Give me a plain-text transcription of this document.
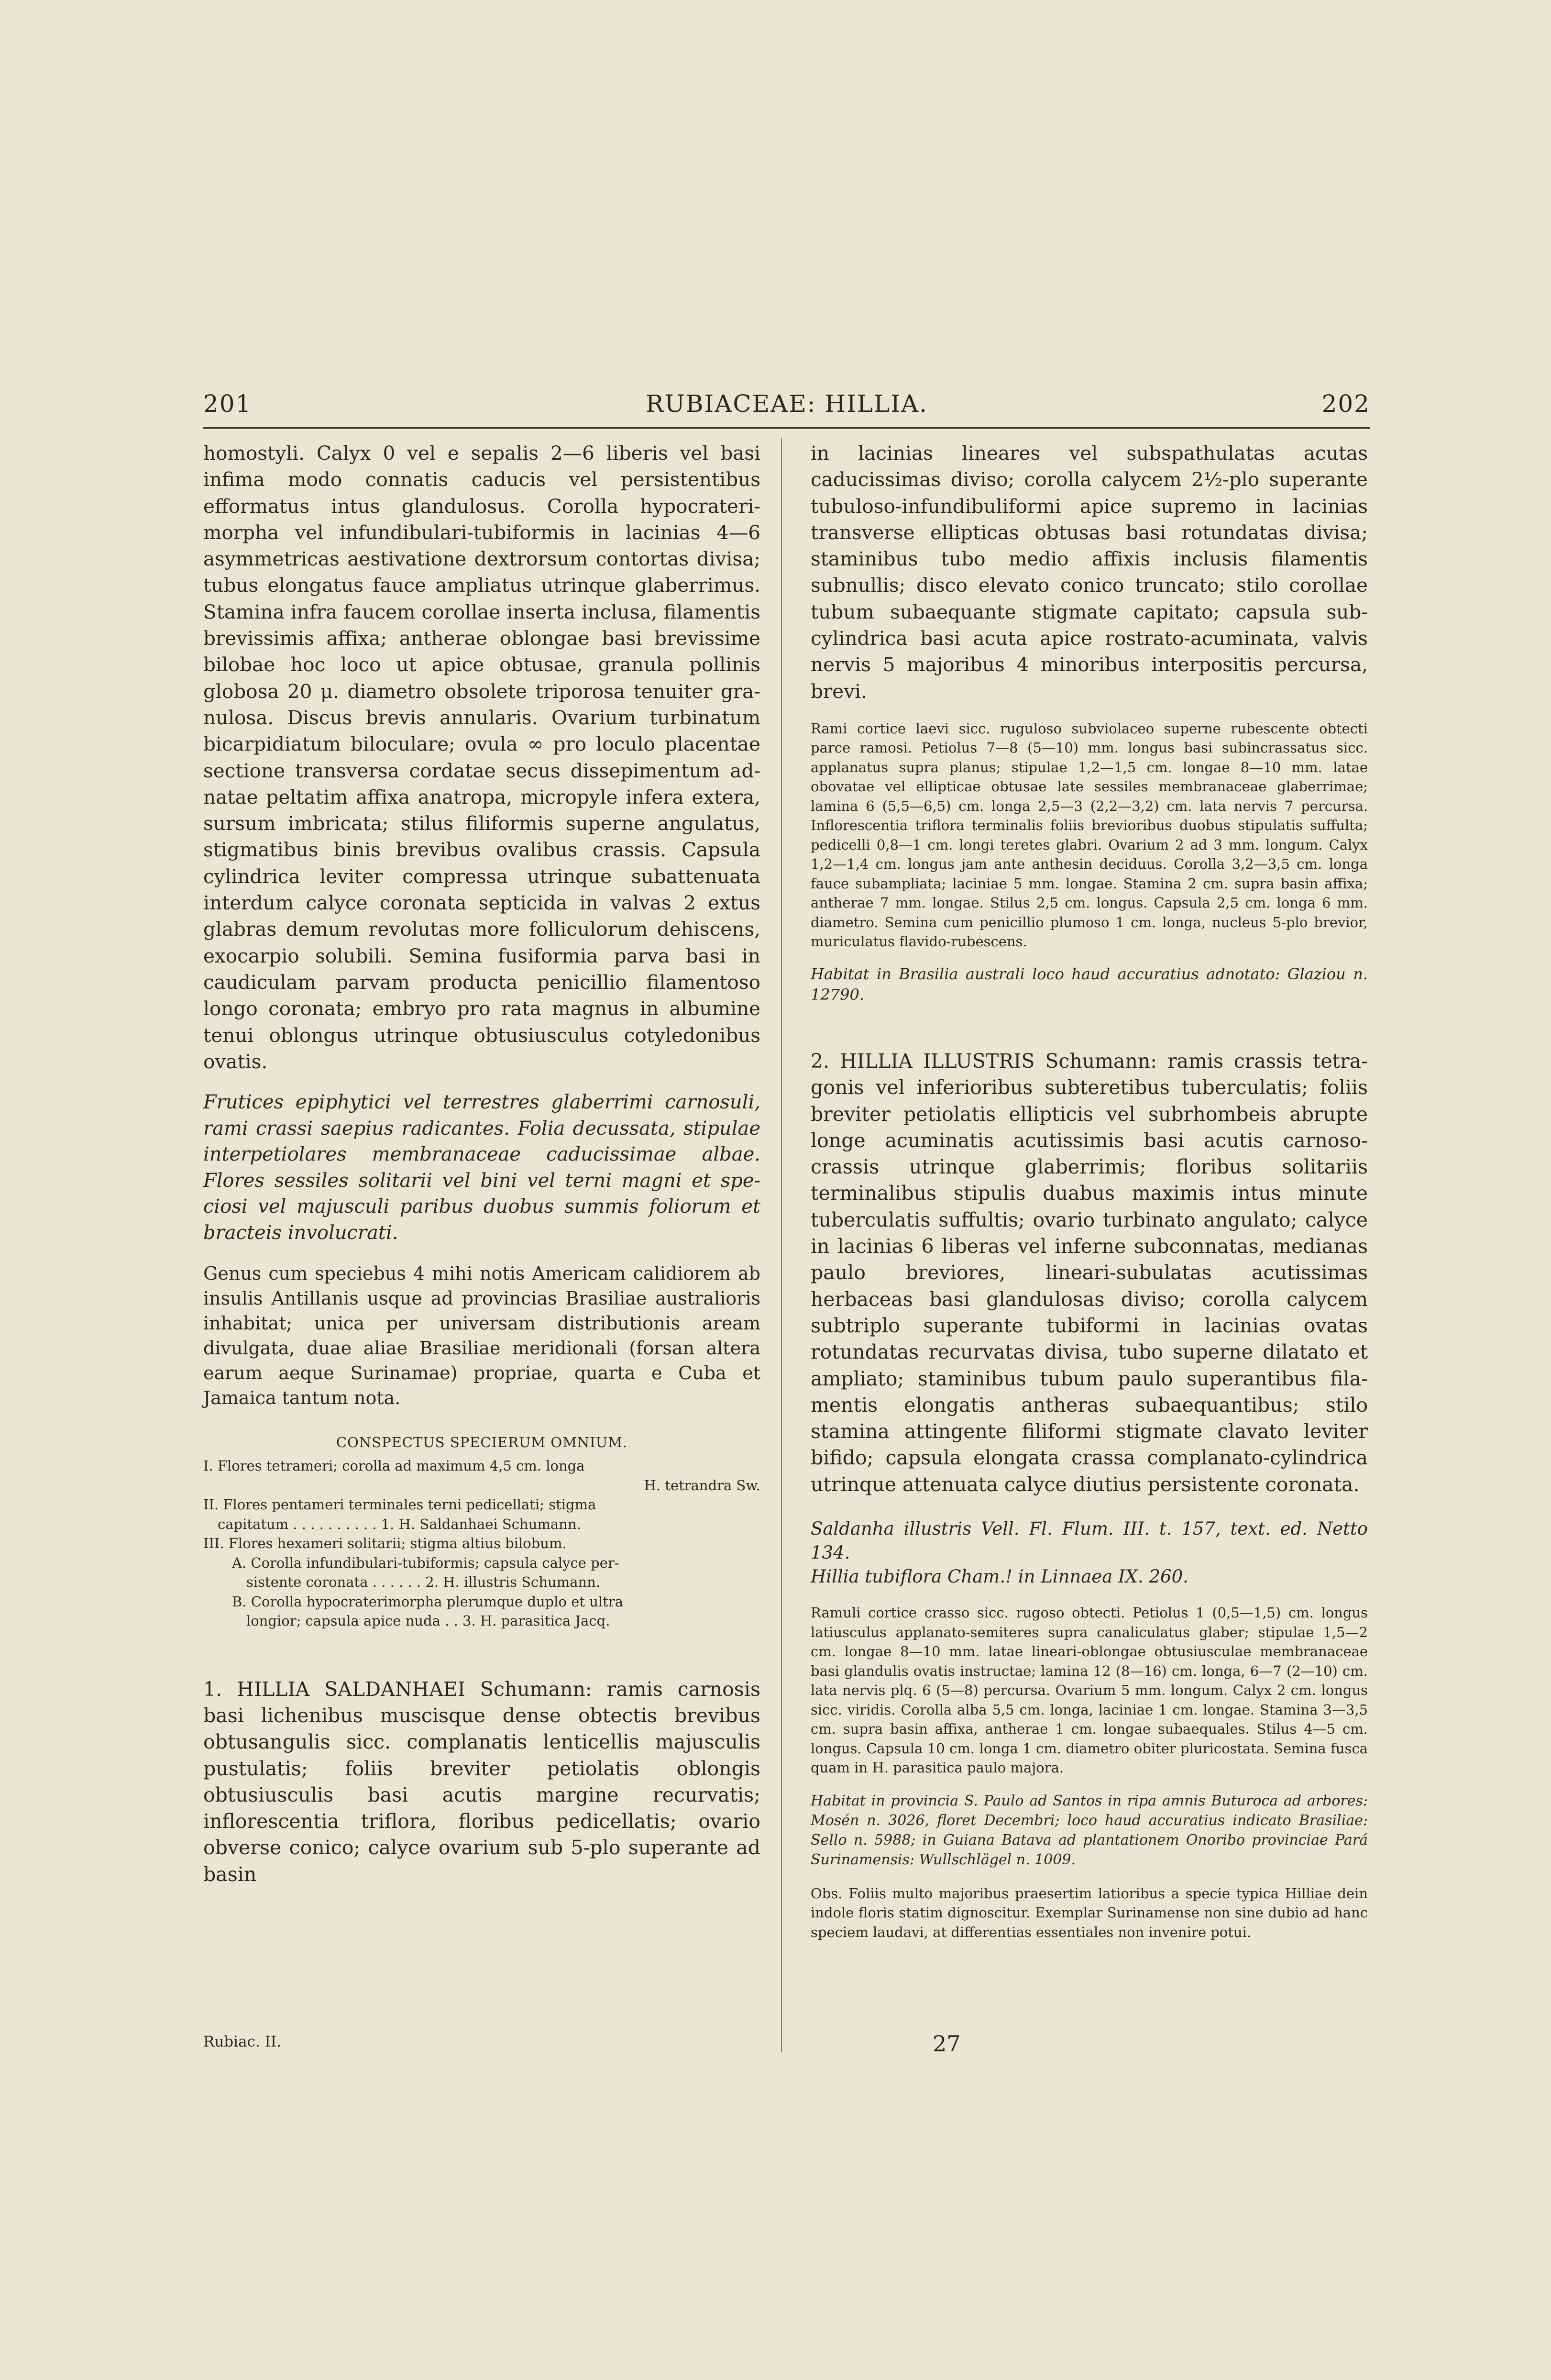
201	RUBIACEAE: HILLIA.	202

homostyli. Calyx 0 vel e sepalis 2—6 liberis vel basi infima modo connatis caducis vel persistentibus efformatus intus glandulosus. Corolla hypocraterimorpha vel infundibulari-tubiformis in lacinias 4—6 asymmetricas aestivatione dextrorsum contortas divisa; tubus elongatus fauce ampliatus utrinque glaberrimus. Stamina infra faucem corollae inserta inclusa, filamentis brevissimis affixa; antherae oblongae basi brevissime bilobae hoc loco ut apice obtusae, granula pollinis globosa 20 μ. diametro obsolete triporosa tenuiter granulosa. Discus brevis annularis. Ovarium turbinatum bicarpidiatum biloculare; ovula ∞ pro loculo placentae sectione transversa cordatae secus dissepimentum adnatae peltatim affixa anatropa, micropyle infera extera, sursum imbricata; stilus filiformis superne angulatus, stigmatibus binis brevibus ovalibus crassis. Capsula cylindrica leviter compressa utrinque subattenuata interdum calyce coronata septicida in valvas 2 extus glabras demum revolutas more folliculorum dehiscens, exocarpio solubili. Semina fusiformia parva basi in caudiculam parvam producta penicillio filamentoso longo coronata; embryo pro rata magnus in albumine tenui oblongus utrinque obtusiusculus cotyledonibus ovatis.

Frutices epiphytici vel terrestres glaberrimi carnosuli, rami crassi saepius radicantes. Folia decussata, stipulae interpetiolares membranaceae caducissimae albae. Flores sessiles solitarii vel bini vel terni magni et speciosi vel majusculi paribus duobus summis foliorum et bracteis involucrati.

Genus cum speciebus 4 mihi notis Americam calidiorem ab insulis Antillanis usque ad provincias Brasiliae australioris inhabitat; unica per universam distributionis aream divulgata, duae aliae Brasiliae meridionali (forsan altera earum aeque Surinamae) propriae, quarta e Cuba et Jamaica tantum nota.

CONSPECTUS SPECIERUM OMNIUM.
I. Flores tetrameri; corolla ad maximum 4,5 cm. longa
H. tetrandra Sw.
II. Flores pentameri terminales terni pedicellati; stigma
capitatum . . . . . . . . . . 1. H. Saldanhaei Schumann.
III. Flores hexameri solitarii; stigma altius bilobum.
A. Corolla infundibulari-tubiformis; capsula calyce per-
sistente coronata . . . . . . 2. H. illustris Schumann.
B. Corolla hypocraterimorpha plerumque duplo et ultra
longior; capsula apice nuda . . 3. H. parasitica Jacq.

1. HILLIA SALDANHAEI Schumann: ramis carnosis basi lichenibus muscisque dense obtectis brevibus obtusangulis sicc. complanatis lenticellis majusculis pustulatis; foliis breviter petiolatis oblongis obtusiusculis basi acutis margine recurvatis; inflorescentia triflora, floribus pedicellatis; ovario obverse conico; calyce ovarium sub 5-plo superante ad basin

Rubiac. II.

in lacinias lineares vel subspathulatas acutas caducissimas diviso; corolla calycem 2½-plo superante tubuloso-infundibuliformi apice supremo in lacinias transverse ellipticas obtusas basi rotundatas divisa; staminibus tubo medio affixis inclusis filamentis subnullis; disco elevato conico truncato; stilo corollae tubum subaequante stigmate capitato; capsula subcylindrica basi acuta apice rostrato-acuminata, valvis nervis 5 majoribus 4 minoribus interpositis percursa, brevi.

Rami cortice laevi sicc. ruguloso subviolaceo superne rubescente obtecti parce ramosi. Petiolus 7—8 (5—10) mm. longus basi subincrassatus sicc. applanatus supra planus; stipulae 1,2—1,5 cm. longae 8—10 mm. latae obovatae vel ellipticae obtusae late sessiles membranaceae glaberrimae; lamina 6 (5,5—6,5) cm. longa 2,5—3 (2,2—3,2) cm. lata nervis 7 percursa. Inflorescentia triflora terminalis foliis brevioribus duobus stipulatis suffulta; pedicelli 0,8—1 cm. longi teretes glabri. Ovarium 2 ad 3 mm. longum. Calyx 1,2—1,4 cm. longus jam ante anthesin deciduus. Corolla 3,2—3,5 cm. longa fauce subampliata; laciniae 5 mm. longae. Stamina 2 cm. supra basin affixa; antherae 7 mm. longae. Stilus 2,5 cm. longus. Capsula 2,5 cm. longa 6 mm. diametro. Semina cum penicillio plumoso 1 cm. longa, nucleus 5-plo brevior, muriculatus flavido-rubescens.

Habitat in Brasilia australi loco haud accuratius adnotato: Glaziou n. 12790.

2. HILLIA ILLUSTRIS Schumann: ramis crassis tetragonis vel inferioribus subteretibus tuberculatis; foliis breviter petiolatis ellipticis vel subrhombeis abrupte longe acuminatis acutissimis basi acutis carnoso-crassis utrinque glaberrimis; floribus solitariis terminalibus stipulis duabus maximis intus minute tuberculatis suffultis; ovario turbinato angulato; calyce in lacinias 6 liberas vel inferne subconnatas, medianas paulo breviores, lineari-subulatas acutissimas herbaceas basi glandulosas diviso; corolla calycem subtriplo superante tubiformi in lacinias ovatas rotundatas recurvatas divisa, tubo superne dilatato et ampliato; staminibus tubum paulo superantibus filamentis elongatis antheras subaequantibus; stilo stamina attingente filiformi stigmate clavato leviter bifido; capsula elongata crassa complanato-cylindrica utrinque attenuata calyce diutius persistente coronata.

Saldanha illustris Vell. Fl. Flum. III. t. 157, text. ed. Netto 134.

Hillia tubiflora Cham.! in Linnaea IX. 260.

Ramuli cortice crasso sicc. rugoso obtecti. Petiolus 1 (0,5—1,5) cm. longus latiusculus applanato-semiteres supra canaliculatus glaber; stipulae 1,5—2 cm. longae 8—10 mm. latae lineari-oblongae obtusiusculae membranaceae basi glandulis ovatis instructae; lamina 12 (8—16) cm. longa, 6—7 (2—10) cm. lata nervis plq. 6 (5—8) percursa. Ovarium 5 mm. longum. Calyx 2 cm. longus sicc. viridis. Corolla alba 5,5 cm. longa, laciniae 1 cm. longae. Stamina 3—3,5 cm. supra basin affixa, antherae 1 cm. longae subaequales. Stilus 4—5 cm. longus. Capsula 10 cm. longa 1 cm. diametro obiter pluricostata. Semina fusca quam in H. parasitica paulo majora.

Habitat in provincia S. Paulo ad Santos in ripa amnis Buturoca ad arbores: Mosén n. 3026, floret Decembri; loco haud accuratius indicato Brasiliae: Sello n. 5988; in Guiana Batava ad plantationem Onoribo provinciae Pará Surinamensis: Wullschlägel n. 1009.

Obs. Foliis multo majoribus praesertim latioribus a specie typica Hilliae dein indole floris statim dignoscitur. Exemplar Surinamense non sine dubio ad hanc speciem laudavi, at differentias essentiales non invenire potui.

27
